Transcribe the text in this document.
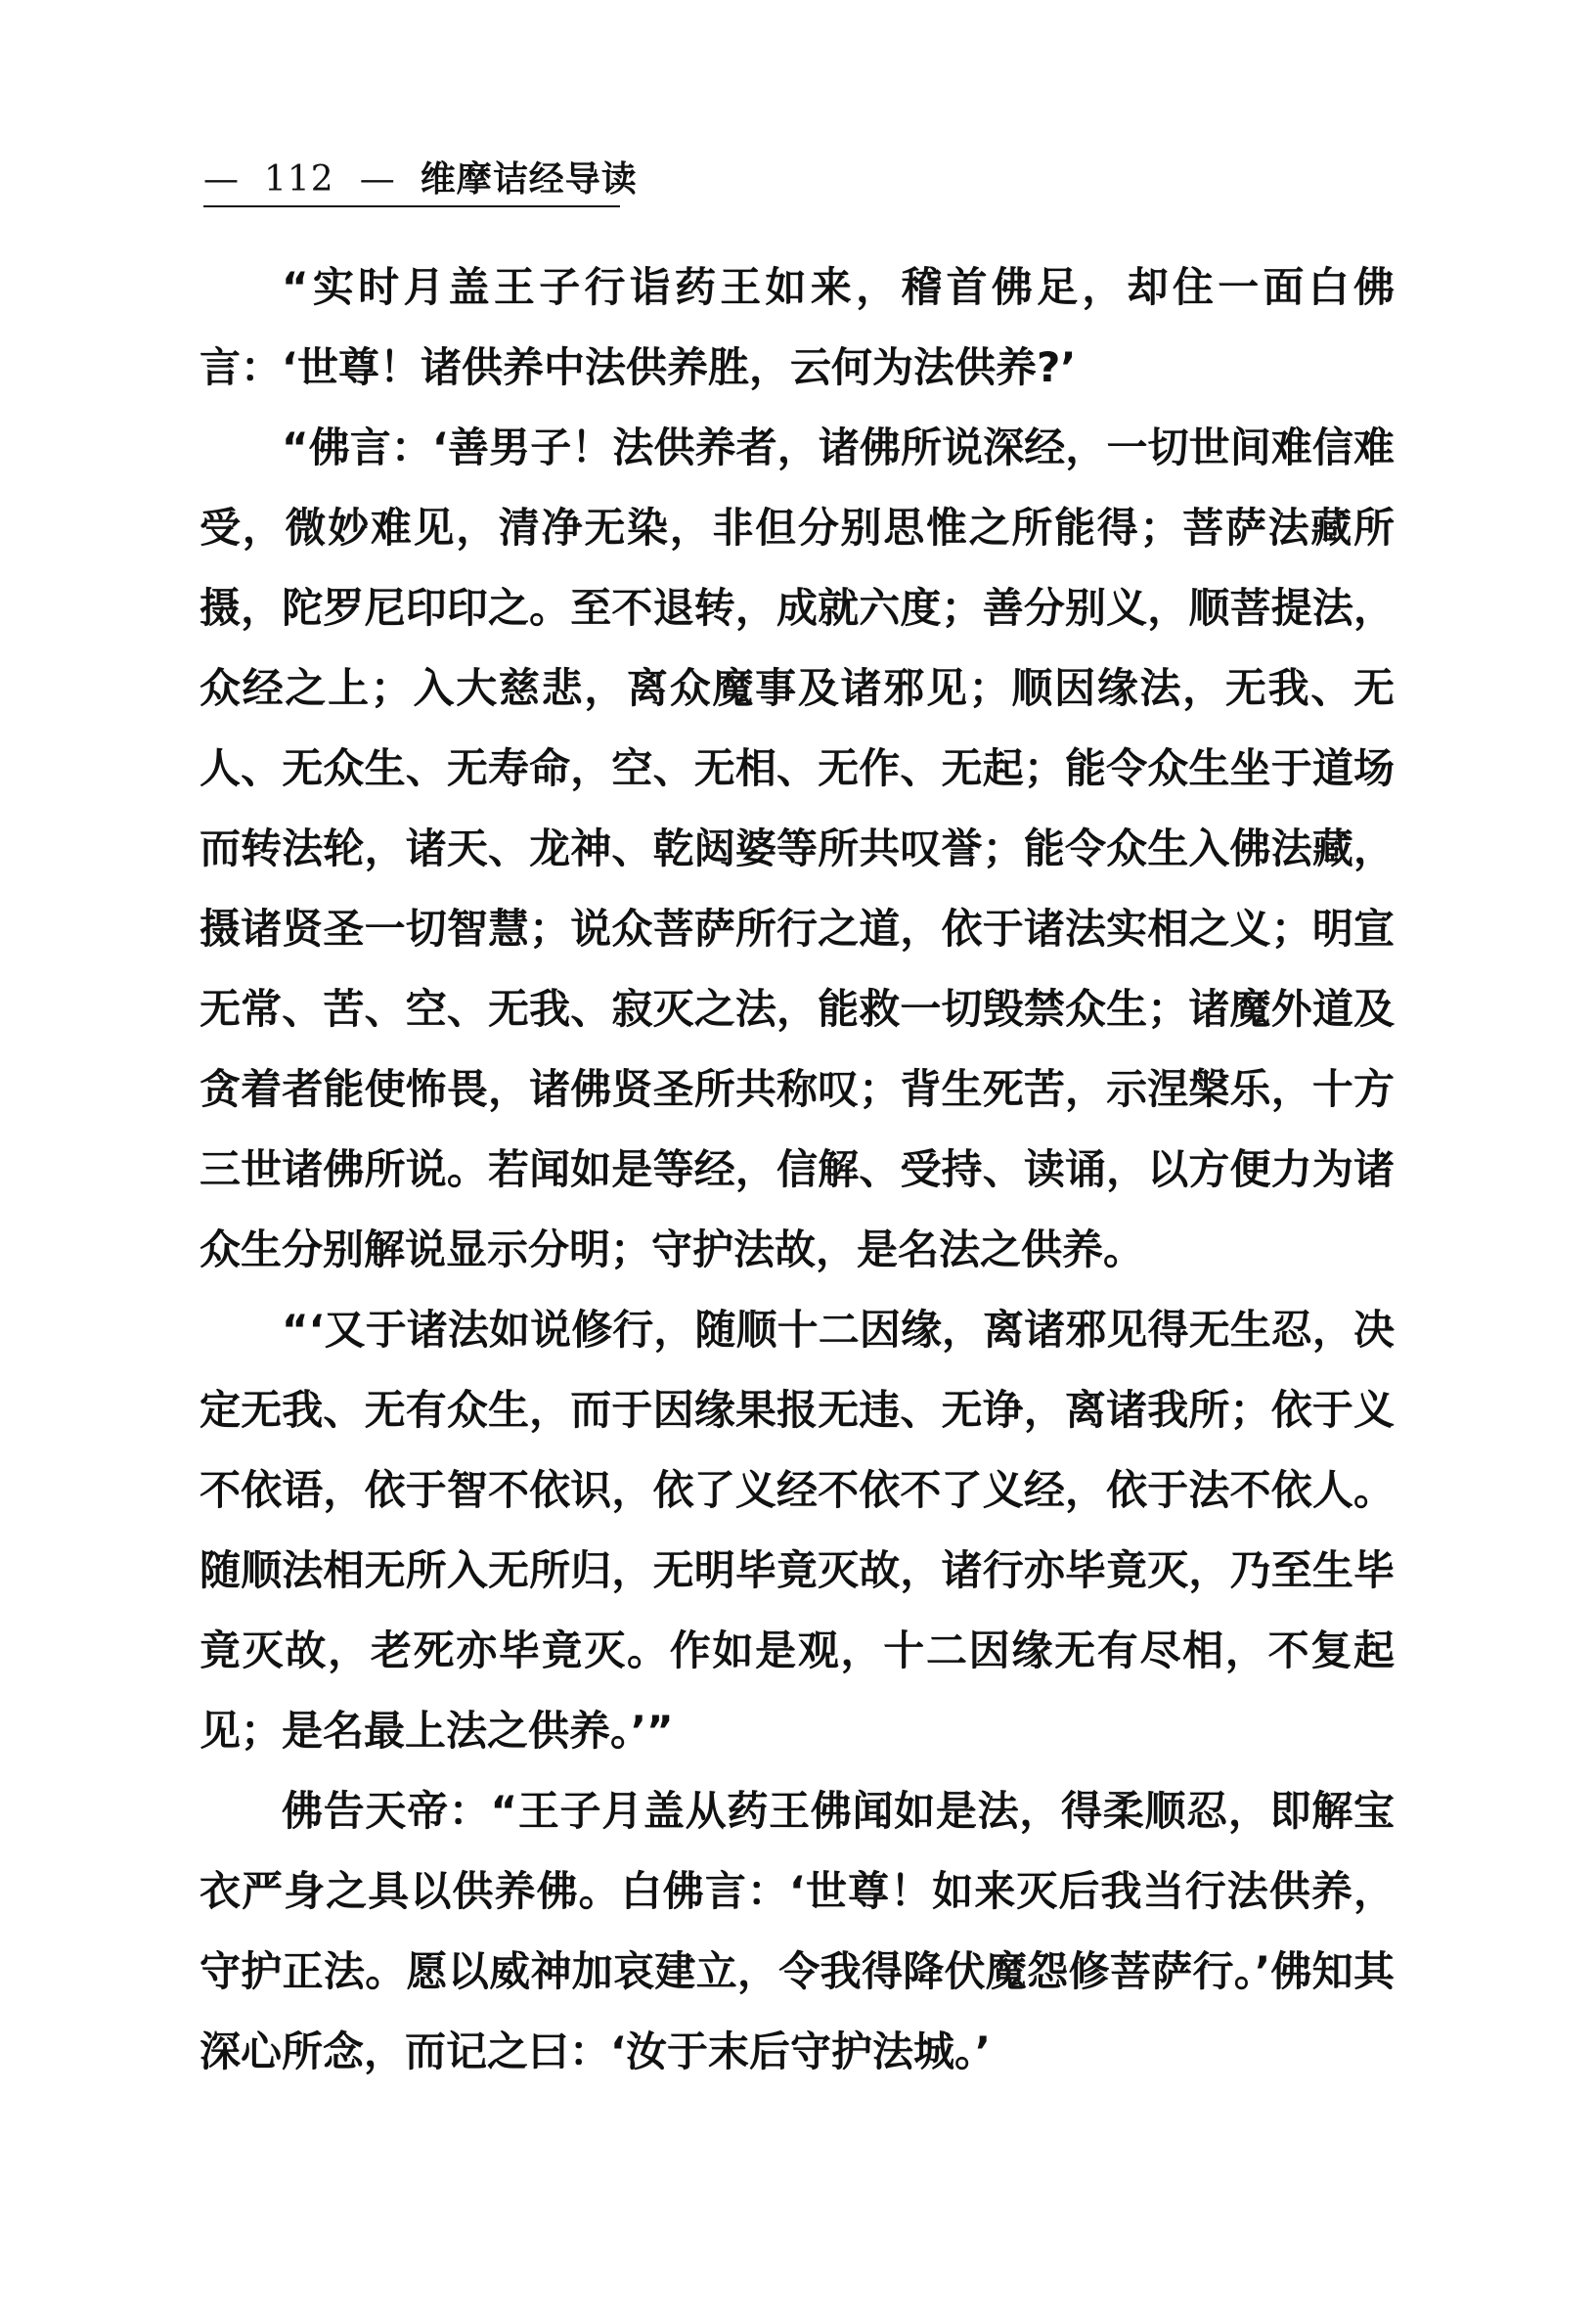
— 112 — 维摩诘经导读

“实时月盖王子行诣药王如来，稽首佛足，却住一面白佛言：‘世尊！诸供养中法供养胜，云何为法供养?’

“佛言：‘善男子！法供养者，诸佛所说深经，一切世间难信难受，微妙难见，清净无染，非但分别思惟之所能得；菩萨法藏所摄，陀罗尼印印之。至不退转，成就六度；善分别义，顺菩提法，众经之上；入大慈悲，离众魔事及诸邪见；顺因缘法，无我、无人、无众生、无寿命，空、无相、无作、无起；能令众生坐于道场而转法轮，诸天、龙神、乾闼婆等所共叹誉；能令众生入佛法藏，摄诸贤圣一切智慧；说众菩萨所行之道，依于诸法实相之义；明宣无常、苦、空、无我、寂灭之法，能救一切毁禁众生；诸魔外道及贪着者能使怖畏，诸佛贤圣所共称叹；背生死苦，示涅槃乐，十方三世诸佛所说。若闻如是等经，信解、受持、读诵，以方便力为诸众生分别解说显示分明；守护法故，是名法之供养。

“‘又于诸法如说修行，随顺十二因缘，离诸邪见得无生忍，决定无我、无有众生，而于因缘果报无违、无诤，离诸我所；依于义不依语，依于智不依识，依了义经不依不了义经，依于法不依人。随顺法相无所入无所归，无明毕竟灭故，诸行亦毕竟灭，乃至生毕竟灭故，老死亦毕竟灭。作如是观，十二因缘无有尽相，不复起见；是名最上法之供养。’”

佛告天帝：“王子月盖从药王佛闻如是法，得柔顺忍，即解宝衣严身之具以供养佛。白佛言：‘世尊！如来灭后我当行法供养，守护正法。愿以威神加哀建立，令我得降伏魔怨修菩萨行。’佛知其深心所念，而记之曰：‘汝于末后守护法城。’
